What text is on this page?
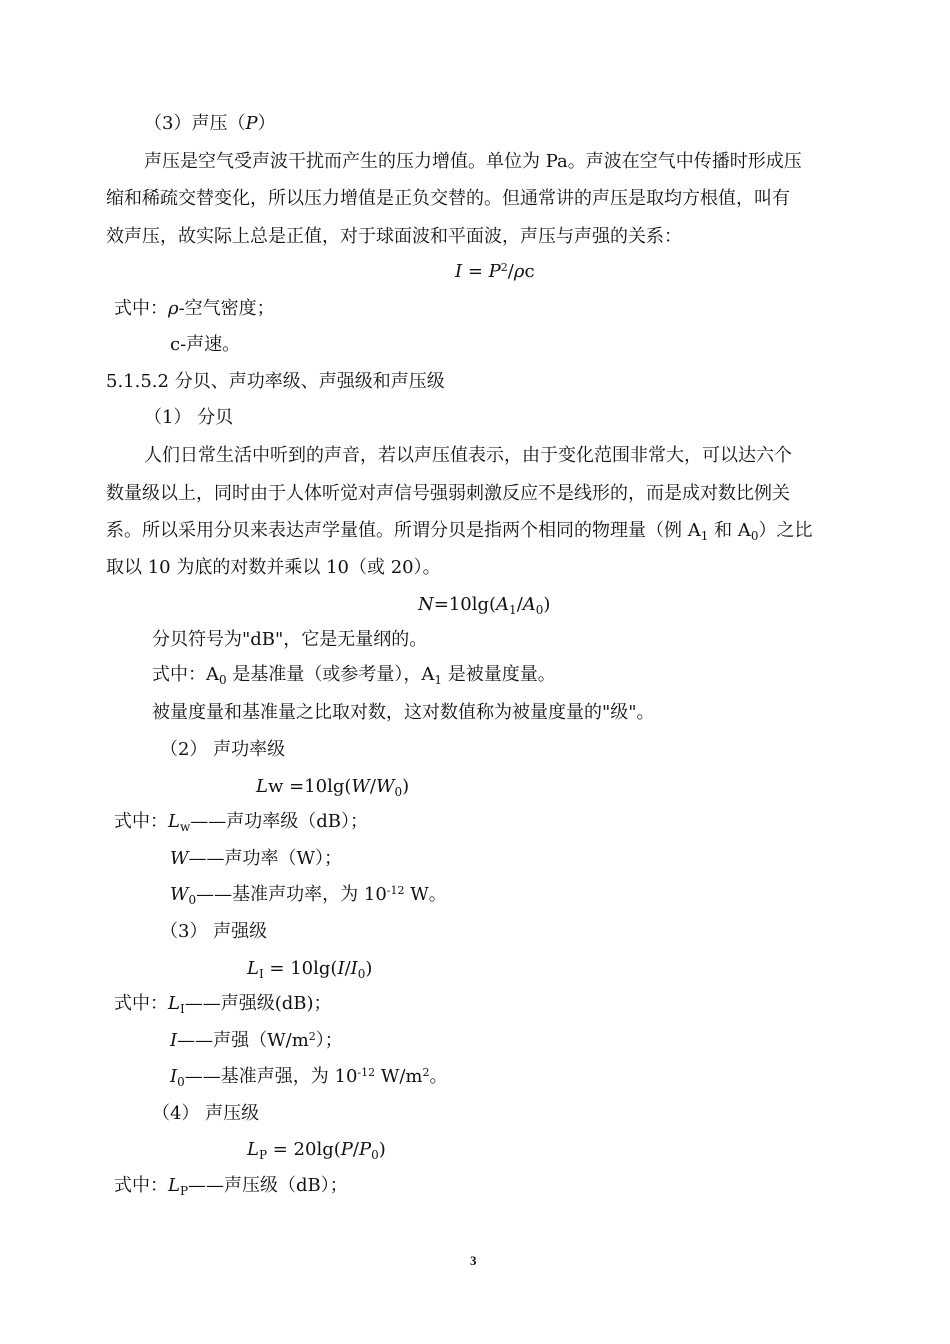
（3）声压（P）
声压是空气受声波干扰而产生的压力增值。单位为 Pa。声波在空气中传播时形成压
缩和稀疏交替变化，所以压力增值是正负交替的。但通常讲的声压是取均方根值，叫有
效声压，故实际上总是正值，对于球面波和平面波，声压与声强的关系：
$I = P^2/\rho c$
式中：ρ-空气密度；
c-声速。
5.1.5.2 分贝、声功率级、声强级和声压级
（1） 分贝
人们日常生活中听到的声音，若以声压值表示，由于变化范围非常大，可以达六个
数量级以上，同时由于人体听觉对声信号强弱刺激反应不是线形的，而是成对数比例关
系。所以采用分贝来表达声学量值。所谓分贝是指两个相同的物理量（例 $A_1$ 和 $A_0$）之比
取以 10 为底的对数并乘以 10（或 20）。
$N=10\lg(A_1/A_0)$
分贝符号为"dB"，它是无量纲的。
式中：$A_0$ 是基准量（或参考量），$A_1$ 是被量度量。
被量度量和基准量之比取对数，这对数值称为被量度量的"级"。
（2） 声功率级
$Lw =10\lg(W/W_0)$
式中：$L_w——$声功率级（dB）；
W——声功率（W）；
$W_0——$基准声功率，为 $10^{-12}$ W。
（3） 声强级
$L_I = 10\lg(I/I_0)$
式中：$L_I——$声强级(dB)；
I——声强$(W/m^2)$；
$I_0——$基准声强，为 $10^{-12}$ $W/m^2$。
（4） 声压级
$L_P = 20\lg(P/P_0)$
式中：$L_P——$声压级（dB）；
3
